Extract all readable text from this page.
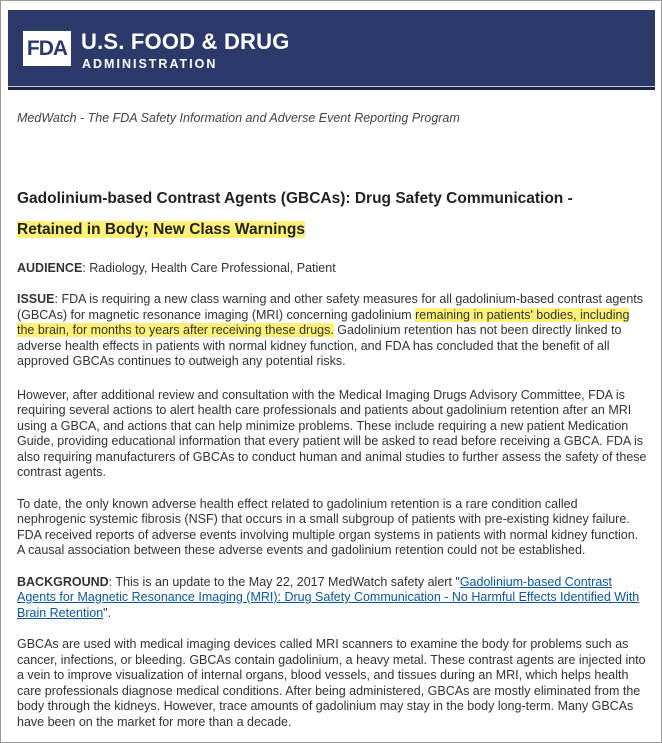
FDA U.S. FOOD & DRUG
ADMINISTRATION

MedWatch - The FDA Safety Information and Adverse Event Reporting Program

Gadolinium-based Contrast Agents (GBCAs): Drug Safety Communication -
Retained in Body; New Class Warnings

AUDIENCE: Radiology, Health Care Professional, Patient

ISSUE: FDA is requiring a new class warning and other safety measures for all gadolinium-based contrast agents (GBCAs) for magnetic resonance imaging (MRI) concerning gadolinium remaining in patients' bodies, including the brain, for months to years after receiving these drugs. Gadolinium retention has not been directly linked to adverse health effects in patients with normal kidney function, and FDA has concluded that the benefit of all approved GBCAs continues to outweigh any potential risks.

However, after additional review and consultation with the Medical Imaging Drugs Advisory Committee, FDA is requiring several actions to alert health care professionals and patients about gadolinium retention after an MRI using a GBCA, and actions that can help minimize problems. These include requiring a new patient Medication Guide, providing educational information that every patient will be asked to read before receiving a GBCA. FDA is also requiring manufacturers of GBCAs to conduct human and animal studies to further assess the safety of these contrast agents.

To date, the only known adverse health effect related to gadolinium retention is a rare condition called nephrogenic systemic fibrosis (NSF) that occurs in a small subgroup of patients with pre-existing kidney failure. FDA received reports of adverse events involving multiple organ systems in patients with normal kidney function. A causal association between these adverse events and gadolinium retention could not be established.

BACKGROUND: This is an update to the May 22, 2017 MedWatch safety alert "Gadolinium-based Contrast Agents for Magnetic Resonance Imaging (MRI): Drug Safety Communication - No Harmful Effects Identified With Brain Retention".

GBCAs are used with medical imaging devices called MRI scanners to examine the body for problems such as cancer, infections, or bleeding. GBCAs contain gadolinium, a heavy metal. These contrast agents are injected into a vein to improve visualization of internal organs, blood vessels, and tissues during an MRI, which helps health care professionals diagnose medical conditions. After being administered, GBCAs are mostly eliminated from the body through the kidneys. However, trace amounts of gadolinium may stay in the body long-term. Many GBCAs have been on the market for more than a decade.
